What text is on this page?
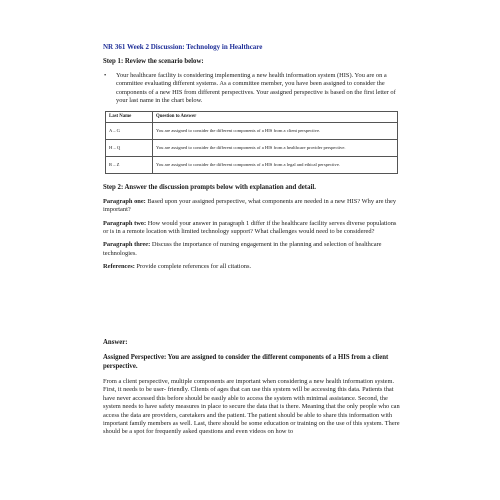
NR 361 Week 2 Discussion: Technology in Healthcare

Step 1: Review the scenario below:

•	Your healthcare facility is considering implementing a new health information system (HIS). You are on a committee evaluating different systems. As a committee member, you have been assigned to consider the components of a new HIS from different perspectives. Your assigned perspective is based on the first letter of your last name in the chart below.
Last Name	Question to Answer
A – G	You are assigned to consider the different components of a HIS from a client perspective.
H – Q	You are assigned to consider the different components of a HIS from a healthcare provider perspective.
R – Z	You are assigned to consider the different components of a HIS from a legal and ethical perspective.

Step 2: Answer the discussion prompts below with explanation and detail.

Paragraph one: Based upon your assigned perspective, what components are needed in a new HIS? Why are they important?

Paragraph two: How would your answer in paragraph 1 differ if the healthcare facility serves diverse populations or is in a remote location with limited technology support? What challenges would need to be considered?

Paragraph three: Discuss the importance of nursing engagement in the planning and selection of healthcare technologies.

References: Provide complete references for all citations.

Answer:

Assigned Perspective: You are assigned to consider the different components of a HIS from a client perspective.

From a client perspective, multiple components are important when considering a new health information system. First, it needs to be user- friendly. Clients of ages that can use this system will be accessing this data. Patients that have never accessed this before should be easily able to access the system with minimal assistance. Second, the system needs to have safety measures in place to secure the data that is there. Meaning that the only people who can access the data are providers, caretakers and the patient. The patient should be able to share this information with important family members as well. Last, there should be some education or training on the use of this system. There should be a spot for frequently asked questions and even videos on how to
